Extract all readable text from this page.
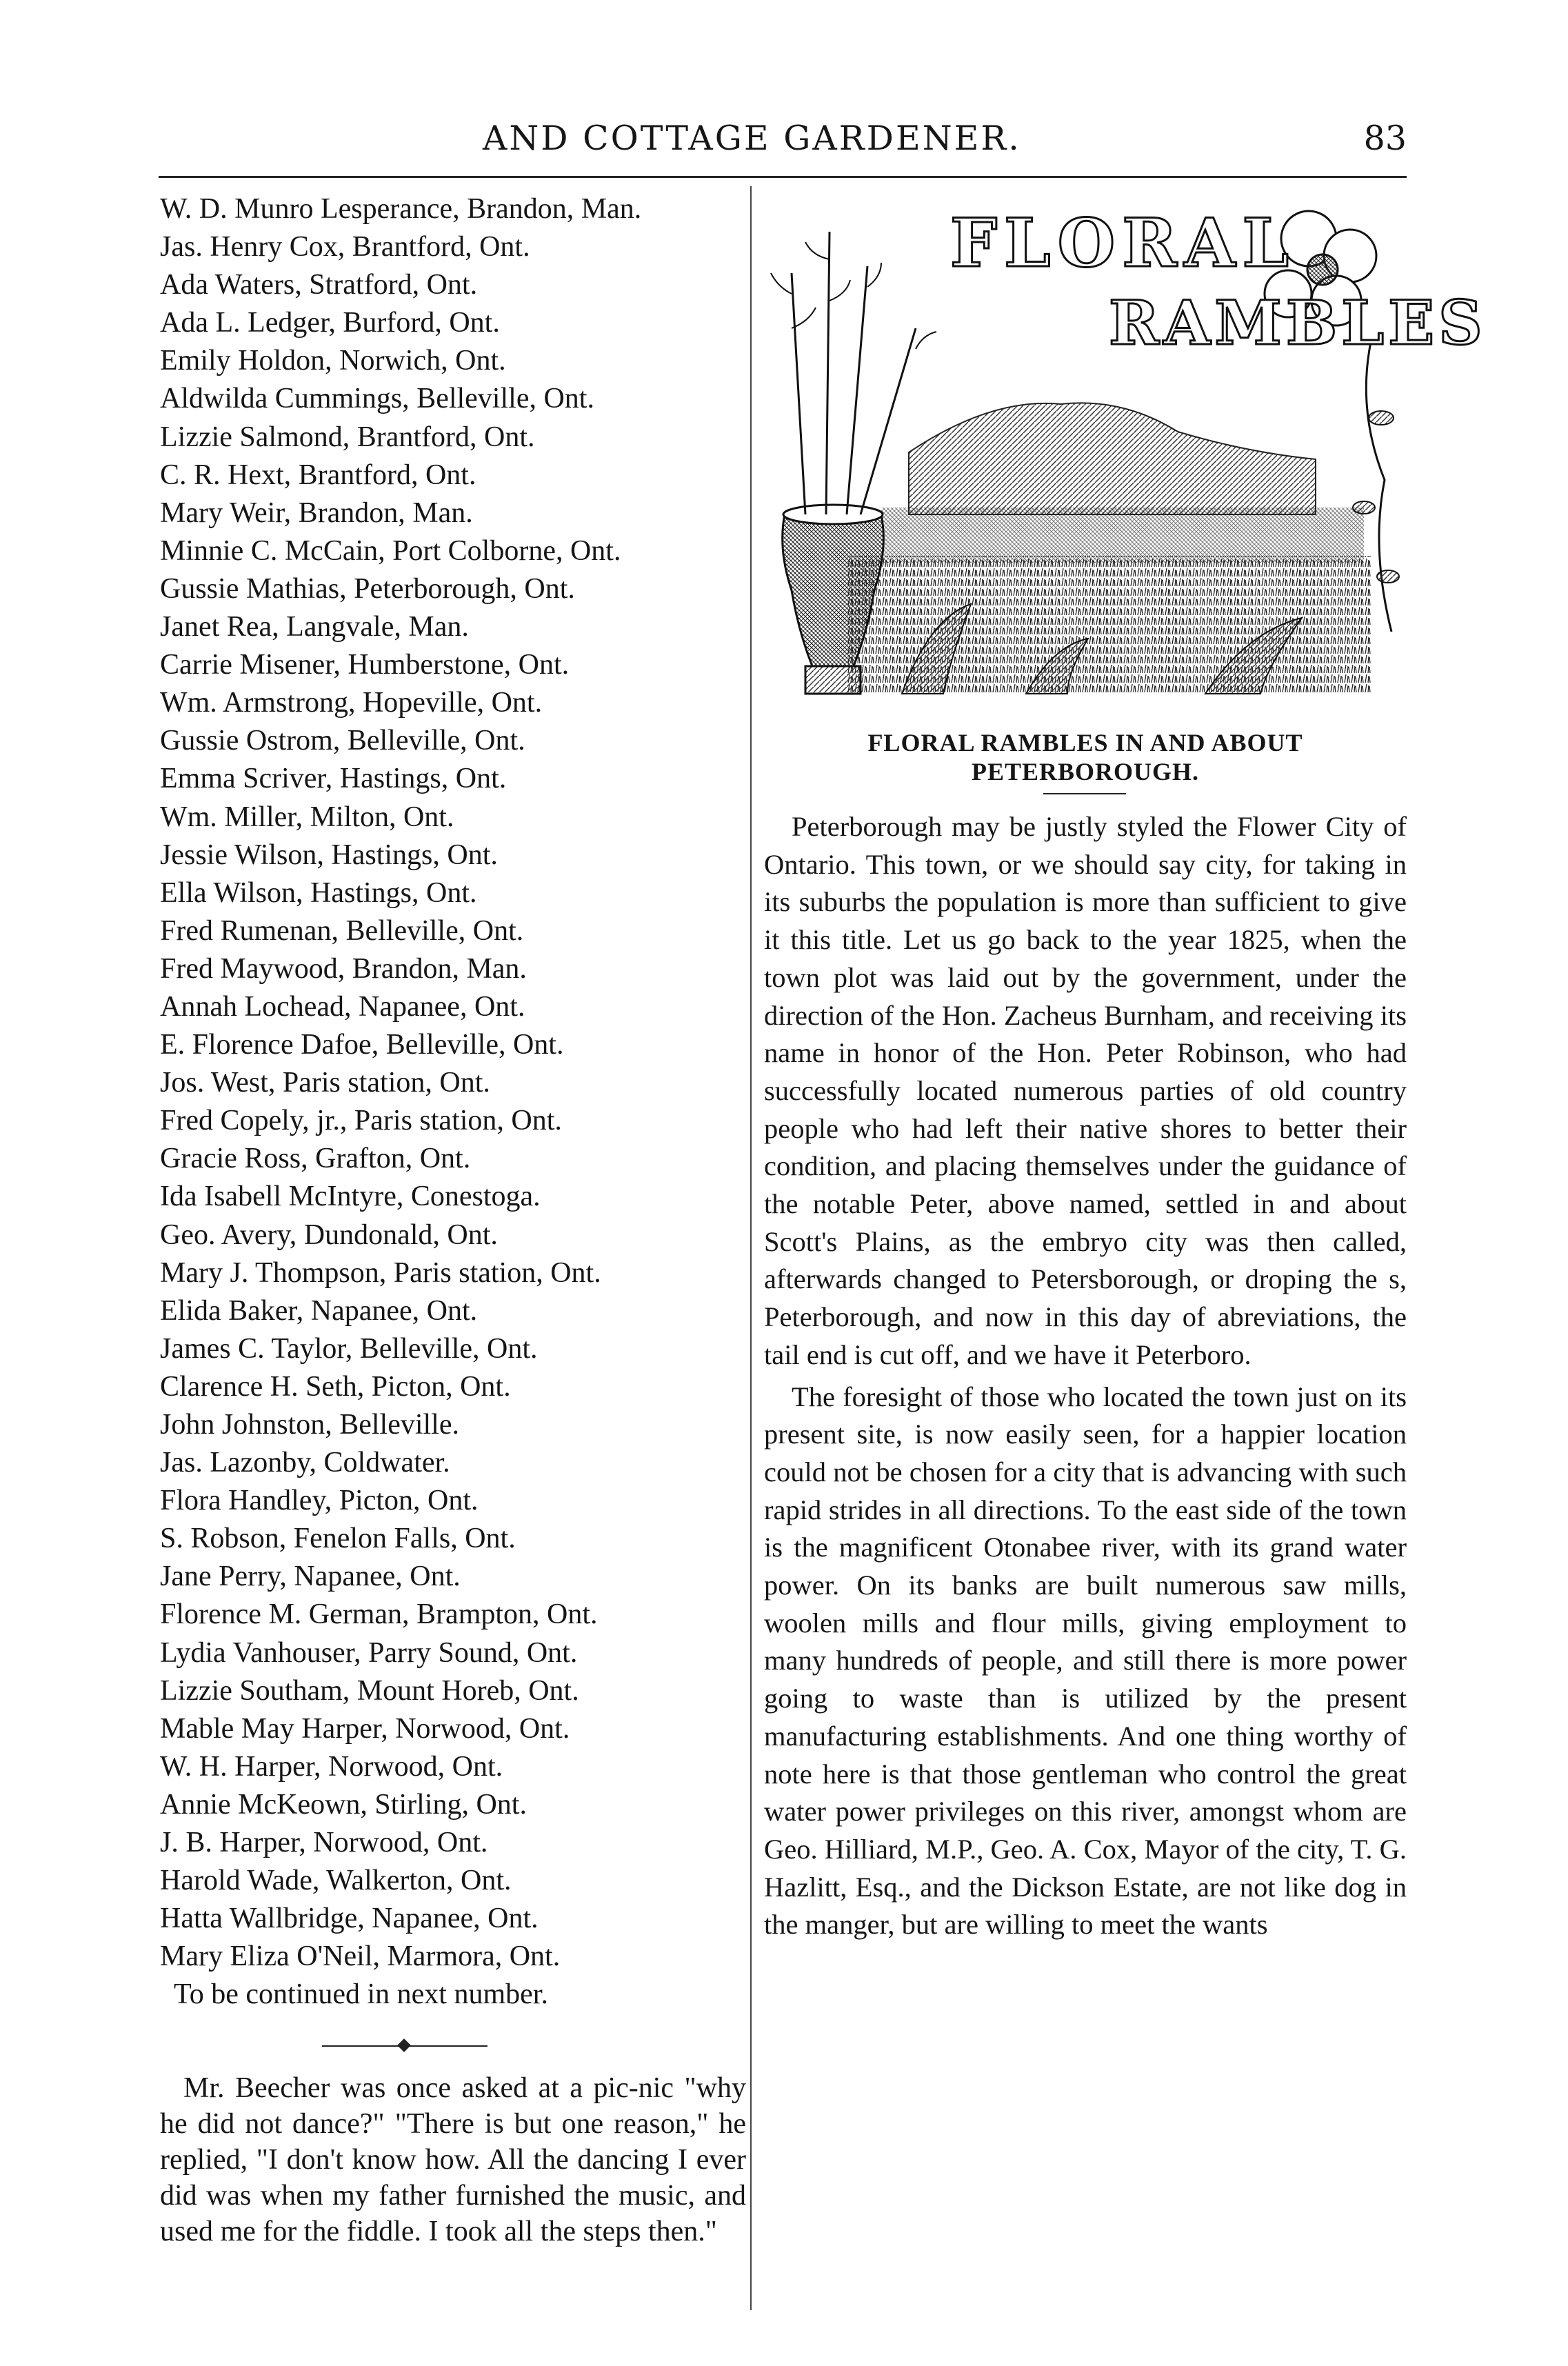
AND COTTAGE GARDENER.	83
W. D. Munro Lesperance, Brandon, Man.
Jas. Henry Cox, Brantford, Ont.
Ada Waters, Stratford, Ont.
Ada L. Ledger, Burford, Ont.
Emily Holdon, Norwich, Ont.
Aldwilda Cummings, Belleville, Ont.
Lizzie Salmond, Brantford, Ont.
C. R. Hext, Brantford, Ont.
Mary Weir, Brandon, Man.
Minnie C. McCain, Port Colborne, Ont.
Gussie Mathias, Peterborough, Ont.
Janet Rea, Langvale, Man.
Carrie Misener, Humberstone, Ont.
Wm. Armstrong, Hopeville, Ont.
Gussie Ostrom, Belleville, Ont.
Emma Scriver, Hastings, Ont.
Wm. Miller, Milton, Ont.
Jessie Wilson, Hastings, Ont.
Ella Wilson, Hastings, Ont.
Fred Rumenan, Belleville, Ont.
Fred Maywood, Brandon, Man.
Annah Lochead, Napanee, Ont.
E. Florence Dafoe, Belleville, Ont.
Jos. West, Paris station, Ont.
Fred Copely, jr., Paris station, Ont.
Gracie Ross, Grafton, Ont.
Ida Isabell McIntyre, Conestoga.
Geo. Avery, Dundonald, Ont.
Mary J. Thompson, Paris station, Ont.
Elida Baker, Napanee, Ont.
James C. Taylor, Belleville, Ont.
Clarence H. Seth, Picton, Ont.
John Johnston, Belleville.
Jas. Lazonby, Coldwater.
Flora Handley, Picton, Ont.
S. Robson, Fenelon Falls, Ont.
Jane Perry, Napanee, Ont.
Florence M. German, Brampton, Ont.
Lydia Vanhouser, Parry Sound, Ont.
Lizzie Southam, Mount Horeb, Ont.
Mable May Harper, Norwood, Ont.
W. H. Harper, Norwood, Ont.
Annie McKeown, Stirling, Ont.
J. B. Harper, Norwood, Ont.
Harold Wade, Walkerton, Ont.
Hatta Wallbridge, Napanee, Ont.
Mary Eliza O'Neil, Marmora, Ont.
To be continued in next number.

Mr. Beecher was once asked at a pic-nic "why he did not dance?" "There is but one reason," he replied, "I don't know how. All the dancing I ever did was when my father furnished the music, and used me for the fiddle. I took all the steps then."

FLORAL
RAMBLES
FLORAL RAMBLES IN AND ABOUT
PETERBOROUGH.

Peterborough may be justly styled the Flower City of Ontario. This town, or we should say city, for taking in its suburbs the population is more than sufficient to give it this title. Let us go back to the year 1825, when the town plot was laid out by the government, under the direction of the Hon. Zacheus Burnham, and receiving its name in honor of the Hon. Peter Robinson, who had successfully located numerous parties of old country people who had left their native shores to better their condition, and placing themselves under the guidance of the notable Peter, above named, settled in and about Scott's Plains, as the embryo city was then called, afterwards changed to Petersborough, or droping the s, Peterborough, and now in this day of abreviations, the tail end is cut off, and we have it Peterboro.

The foresight of those who located the town just on its present site, is now easily seen, for a happier location could not be chosen for a city that is advancing with such rapid strides in all directions. To the east side of the town is the magnificent Otonabee river, with its grand water power. On its banks are built numerous saw mills, woolen mills and flour mills, giving employment to many hundreds of people, and still there is more power going to waste than is utilized by the present manufacturing establishments. And one thing worthy of note here is that those gentleman who control the great water power privileges on this river, amongst whom are Geo. Hilliard, M.P., Geo. A. Cox, Mayor of the city, T. G. Hazlitt, Esq., and the Dickson Estate, are not like dog in the manger, but are willing to meet the wants
